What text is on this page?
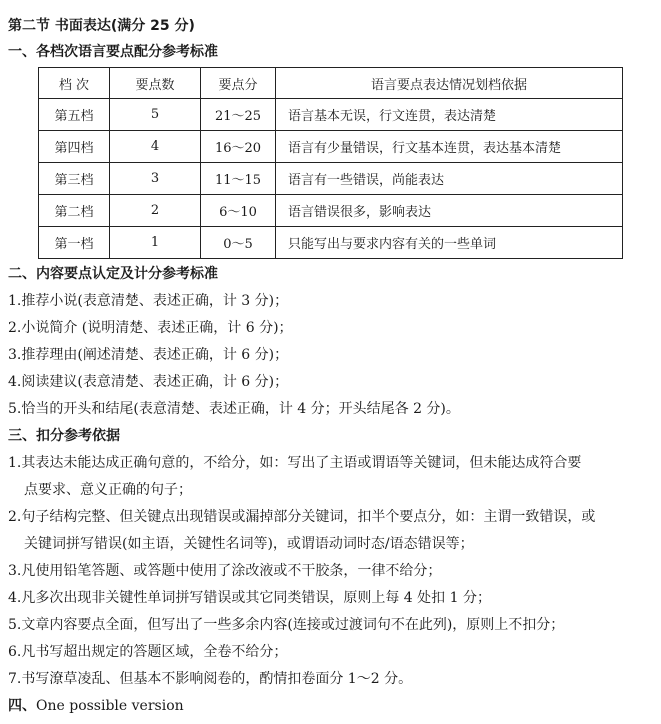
第二节 书面表达(满分 25 分)
一、各档次语言要点配分参考标准
档 次	要点数	要点分	语言要点表达情况划档依据
第五档	5	21～25	语言基本无误，行文连贯，表达清楚
第四档	4	16～20	语言有少量错误，行文基本连贯，表达基本清楚
第三档	3	11～15	语言有一些错误，尚能表达
第二档	2	6～10	语言错误很多，影响表达
第一档	1	0～5	只能写出与要求内容有关的一些单词
二、内容要点认定及计分参考标准
1.推荐小说(表意清楚、表述正确，计 3 分)；
2.小说简介 (说明清楚、表述正确，计 6 分)；
3.推荐理由(阐述清楚、表述正确，计 6 分)；
4.阅读建议(表意清楚、表述正确，计 6 分)；
5.恰当的开头和结尾(表意清楚、表述正确，计 4 分；开头结尾各 2 分)。
三、扣分参考依据
1.其表达未能达成正确句意的，不给分，如：写出了主语或谓语等关键词，但未能达成符合要
点要求、意义正确的句子；
2.句子结构完整、但关键点出现错误或漏掉部分关键词，扣半个要点分，如：主谓一致错误，或
关键词拼写错误(如主语，关键性名词等)，或谓语动词时态/语态错误等；
3.凡使用铅笔答题、或答题中使用了涂改液或不干胶条，一律不给分；
4.凡多次出现非关键性单词拼写错误或其它同类错误，原则上每 4 处扣 1 分；
5.文章内容要点全面，但写出了一些多余内容(连接或过渡词句不在此列)，原则上不扣分；
6.凡书写超出规定的答题区域，全卷不给分；
7.书写潦草凌乱、但基本不影响阅卷的，酌情扣卷面分 1～2 分。
四、One possible version
